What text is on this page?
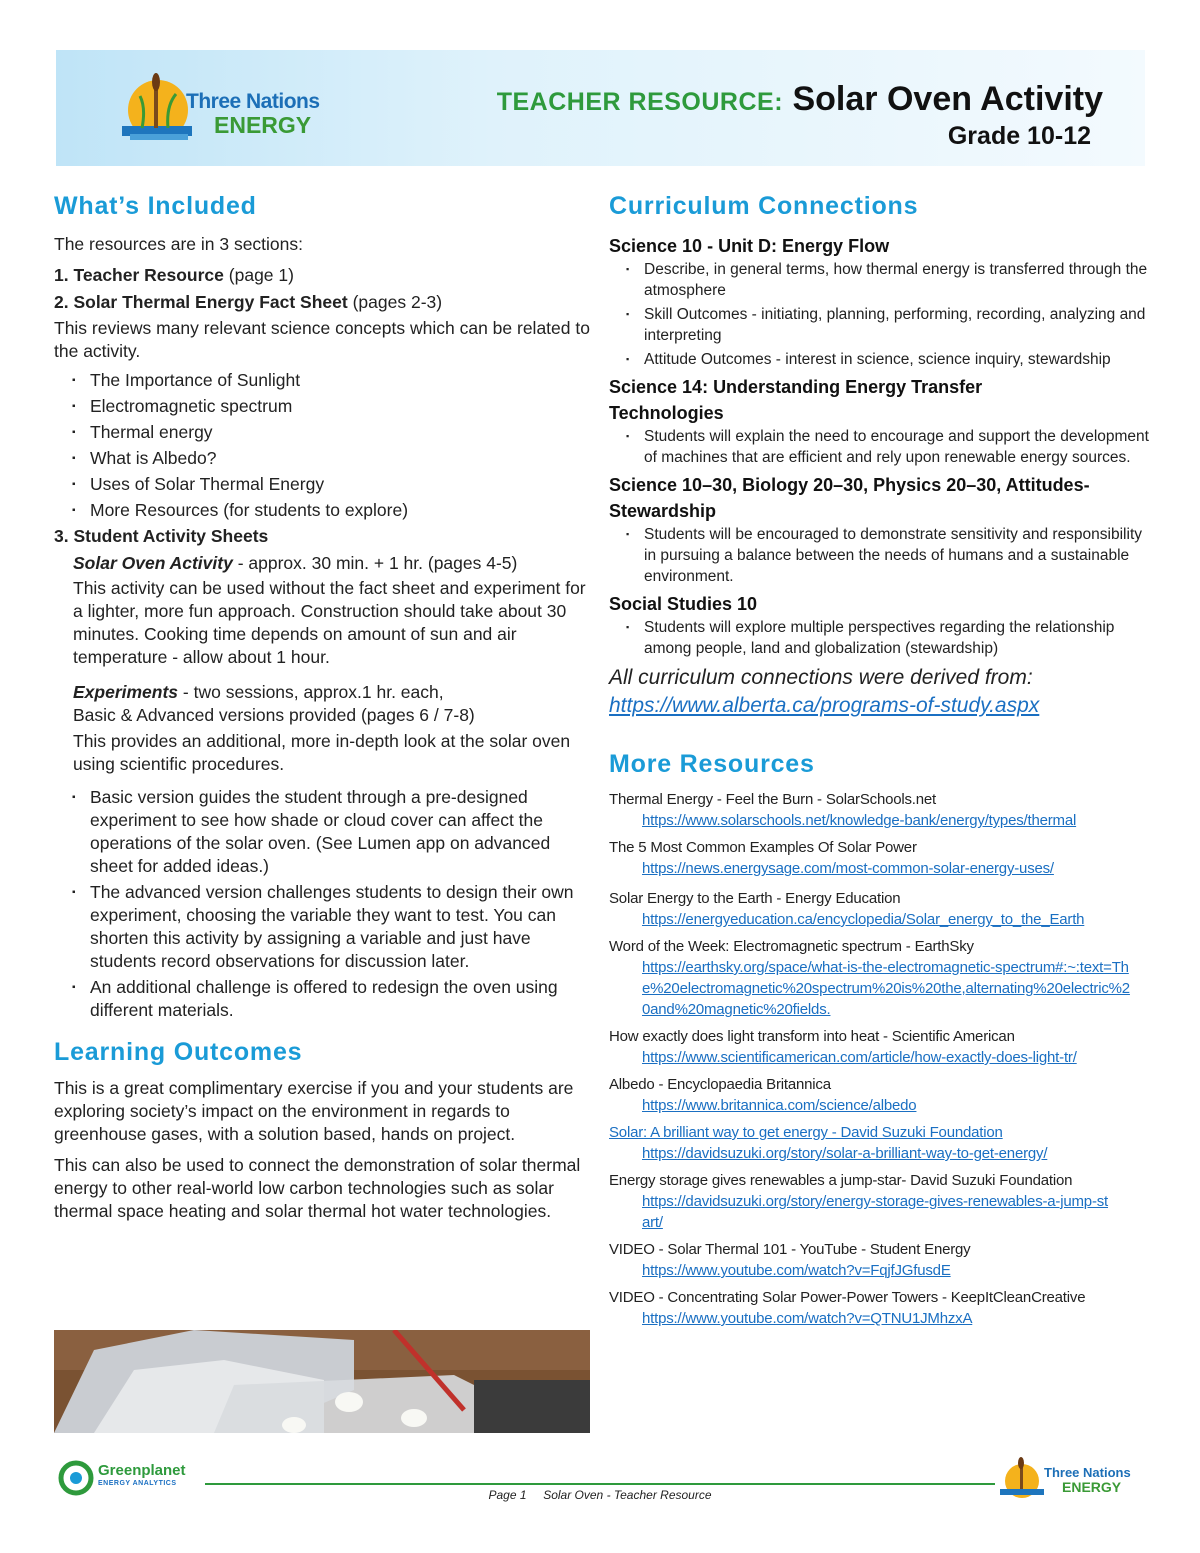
Three Nations
ENERGY
TEACHER RESOURCE: Solar Oven Activity
Grade 10-12
What’s Included

The resources are in 3 sections:

1. Teacher Resource (page 1)

2. Solar Thermal Energy Fact Sheet (pages 2-3)

This reviews many relevant science concepts which can be related to the activity.

▪ The Importance of Sunlight
▪ Electromagnetic spectrum
▪ Thermal energy
▪ What is Albedo?
▪ Uses of Solar Thermal Energy
▪ More Resources (for students to explore)

3. Student Activity Sheets

Solar Oven Activity - approx. 30 min. + 1 hr. (pages 4-5)

This activity can be used without the fact sheet and experiment for a lighter, more fun approach. Construction should take about 30 minutes. Cooking time depends on amount of sun and air temperature - allow about 1 hour.

Experiments - two sessions, approx.1 hr. each,

Basic & Advanced versions provided (pages 6 / 7-8)

This provides an additional, more in-depth look at the solar oven using scientific procedures.

▪ Basic version guides the student through a pre-designed experiment to see how shade or cloud cover can affect the operations of the solar oven. (See Lumen app on advanced sheet for added ideas.)
▪ The advanced version challenges students to design their own experiment, choosing the variable they want to test. You can shorten this activity by assigning a variable and just have students record observations for discussion later.
▪ An additional challenge is offered to redesign the oven using different materials.
Learning Outcomes

This is a great complimentary exercise if you and your students are exploring society’s impact on the environment in regards to greenhouse gases, with a solution based, hands on project.

This can also be used to connect the demonstration of solar thermal energy to other real-world low carbon technologies such as solar thermal space heating and solar thermal hot water technologies.

Curriculum Connections
Science 10 - Unit D: Energy Flow
▪ Describe, in general terms, how thermal energy is transferred through the atmosphere
▪ Skill Outcomes - initiating, planning, performing, recording, analyzing and interpreting
▪ Attitude Outcomes - interest in science, science inquiry, stewardship
Science 14: Understanding Energy Transfer Technologies
▪ Students will explain the need to encourage and support the development of machines that are efficient and rely upon renewable energy sources.
Science 10–30, Biology 20–30, Physics 20–30, Attitudes-Stewardship
▪ Students will be encouraged to demonstrate sensitivity and responsibility in pursuing a balance between the needs of humans and a sustainable environment.
Social Studies 10
▪ Students will explore multiple perspectives regarding the relationship among people, land and globalization (stewardship)

All curriculum connections were derived from:

https://www.alberta.ca/programs-of-study.aspx

More Resources
Thermal Energy - Feel the Burn - SolarSchools.net
https://www.solarschools.net/knowledge-bank/energy/types/thermal
The 5 Most Common Examples Of Solar Power
https://news.energysage.com/most-common-solar-energy-uses/
Solar Energy to the Earth - Energy Education
https://energyeducation.ca/encyclopedia/Solar_energy_to_the_Earth
Word of the Week: Electromagnetic spectrum - EarthSky
https://earthsky.org/space/what-is-the-electromagnetic-spectrum#:~:text=The%20electromagnetic%20spectrum%20is%20the,alternating%20electric%20and%20magnetic%20fields.
How exactly does light transform into heat - Scientific American
https://www.scientificamerican.com/article/how-exactly-does-light-tr/
Albedo - Encyclopaedia Britannica
https://www.britannica.com/science/albedo
Solar: A brilliant way to get energy - David Suzuki Foundation
https://davidsuzuki.org/story/solar-a-brilliant-way-to-get-energy/
Energy storage gives renewables a jump-star- David Suzuki Foundation
https://davidsuzuki.org/story/energy-storage-gives-renewables-a-jump-start/
VIDEO - Solar Thermal 101 - YouTube - Student Energy
https://www.youtube.com/watch?v=FqjfJGfusdE
VIDEO - Concentrating Solar Power-Power Towers - KeepItCleanCreative
https://www.youtube.com/watch?v=QTNU1JMhzxA
Greenplanet
ENERGY ANALYTICS
Page 1 Solar Oven - Teacher Resource
Three Nations
ENERGY
